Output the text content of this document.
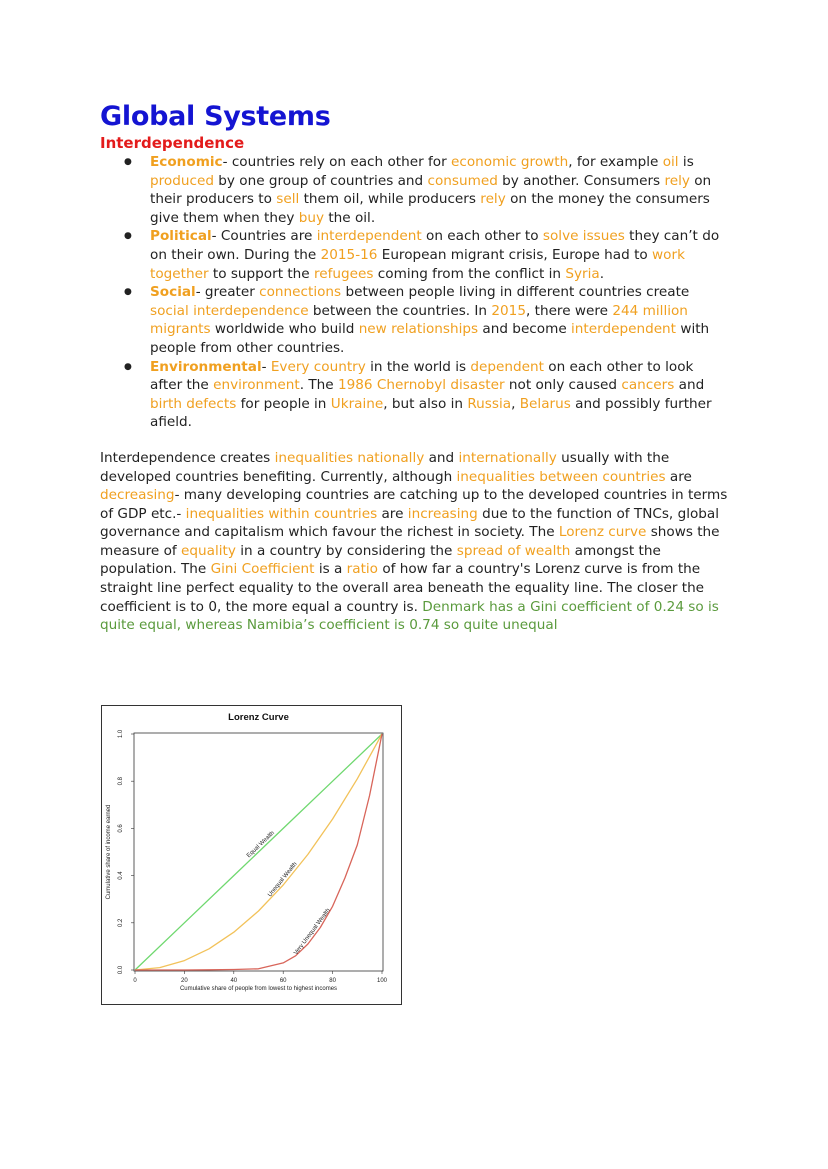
Global Systems
Interdependence
● Economic- countries rely on each other for economic growth, for example oil is produced by one group of countries and consumed by another. Consumers rely on their producers to sell them oil, while producers rely on the money the consumers give them when they buy the oil.
● Political- Countries are interdependent on each other to solve issues they can’t do on their own. During the 2015-16 European migrant crisis, Europe had to work together to support the refugees coming from the conflict in Syria.
● Social- greater connections between people living in different countries create social interdependence between the countries. In 2015, there were 244 million migrants worldwide who build new relationships and become interdependent with people from other countries.
● Environmental- Every country in the world is dependent on each other to look after the environment. The 1986 Chernobyl disaster not only caused cancers and birth defects for people in Ukraine, but also in Russia, Belarus and possibly further afield.

Interdependence creates inequalities nationally and internationally usually with the developed countries benefiting. Currently, although inequalities between countries are decreasing- many developing countries are catching up to the developed countries in terms of GDP etc.- inequalities within countries are increasing due to the function of TNCs, global governance and capitalism which favour the richest in society. The Lorenz curve shows the measure of equality in a country by considering the spread of wealth amongst the population. The Gini Coefficient is a ratio of how far a country's Lorenz curve is from the straight line perfect equality to the overall area beneath the equality line. The closer the coefficient is to 0, the more equal a country is. Denmark has a Gini coefficient of 0.24 so is quite equal, whereas Namibia’s coefficient is 0.74 so quite unequal

Lorenz Curve
0	20	40	60	80	100
0.0
0.2
0.4
0.6
0.8
1.0
Cumulative share of people from lowest to highest incomes
Cumulative share of income earned	Equal Wealth
Unequal Wealth
Very Unequal Wealth
